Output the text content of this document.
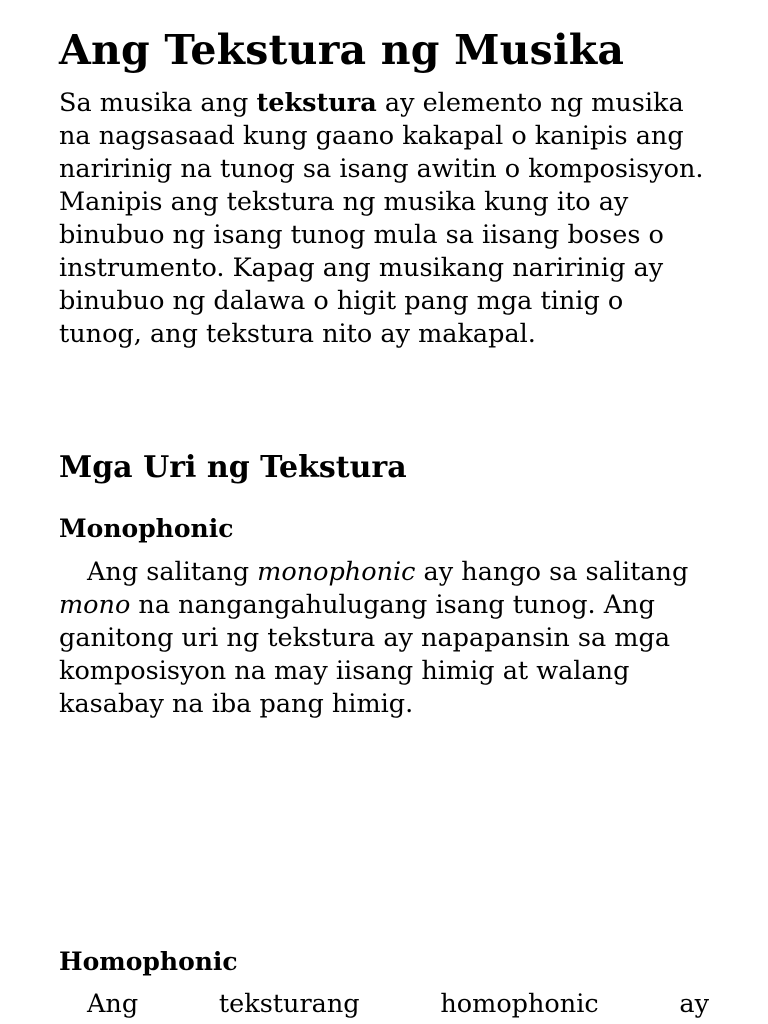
Ang Tekstura ng Musika

Sa musika ang tekstura ay elemento ng musika na nagsasaad kung gaano kakapal o kanipis ang naririnig na tunog sa isang awitin o komposisyon. Manipis ang tekstura ng musika kung ito ay binubuo ng isang tunog mula sa iisang boses o instrumento. Kapag ang musikang naririnig ay binubuo ng dalawa o higit pang mga tinig o tunog, ang tekstura nito ay makapal.

Mga Uri ng Tekstura
Monophonic

Ang salitang monophonic ay hango sa salitang mono na nangangahulugang isang tunog. Ang ganitong uri ng tekstura ay napapansin sa mga komposisyon na may iisang himig at walang kasabay na iba pang himig.

Homophonic
Ang	teksturang	homophonic	ay
